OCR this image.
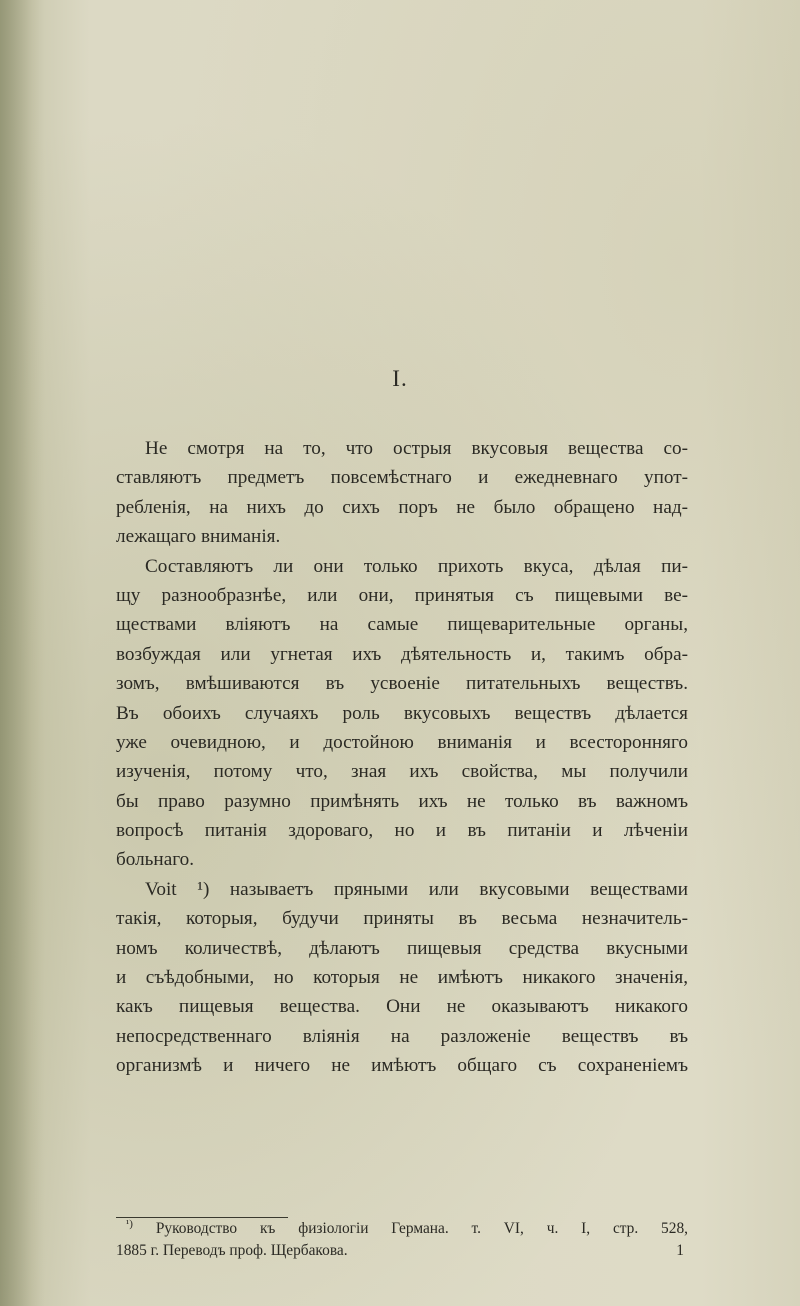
I.
Не смотря на то, что острыя вкусовыя вещества со-
ставляютъ предметъ повсемѣстнаго и ежедневнаго упот-
ребленія, на нихъ до сихъ поръ не было обращено над-
лежащаго вниманія.
Составляютъ ли они только прихоть вкуса, дѣлая пи-
щу разнообразнѣе, или они, принятыя съ пищевыми ве-
ществами вліяютъ на самые пищеварительные органы,
возбуждая или угнетая ихъ дѣятельность и, такимъ обра-
зомъ, вмѣшиваются въ усвоеніе питательныхъ веществъ.
Въ обоихъ случаяхъ роль вкусовыхъ веществъ дѣлается
уже очевидною, и достойною вниманія и всесторонняго
изученія, потому что, зная ихъ свойства, мы получили
бы право разумно примѣнять ихъ не только въ важномъ
вопросѣ питанія здороваго, но и въ питаніи и лѣченіи
больнаго.
Voit ¹) называетъ пряными или вкусовыми веществами
такія, которыя, будучи приняты въ весьма незначитель-
номъ количествѣ, дѣлаютъ пищевыя средства вкусными
и съѣдобными, но которыя не имѣютъ никакого значенія,
какъ пищевыя вещества. Они не оказываютъ никакого
непосредственнаго вліянія на разложеніе веществъ въ
организмѣ и ничего не имѣютъ общаго съ сохраненіемъ
$^{^1)}$ Руководство къ физіологіи Германа. т. VI, ч. I, стр. 528,
1885 г. Переводъ проф. Щербакова.	1
